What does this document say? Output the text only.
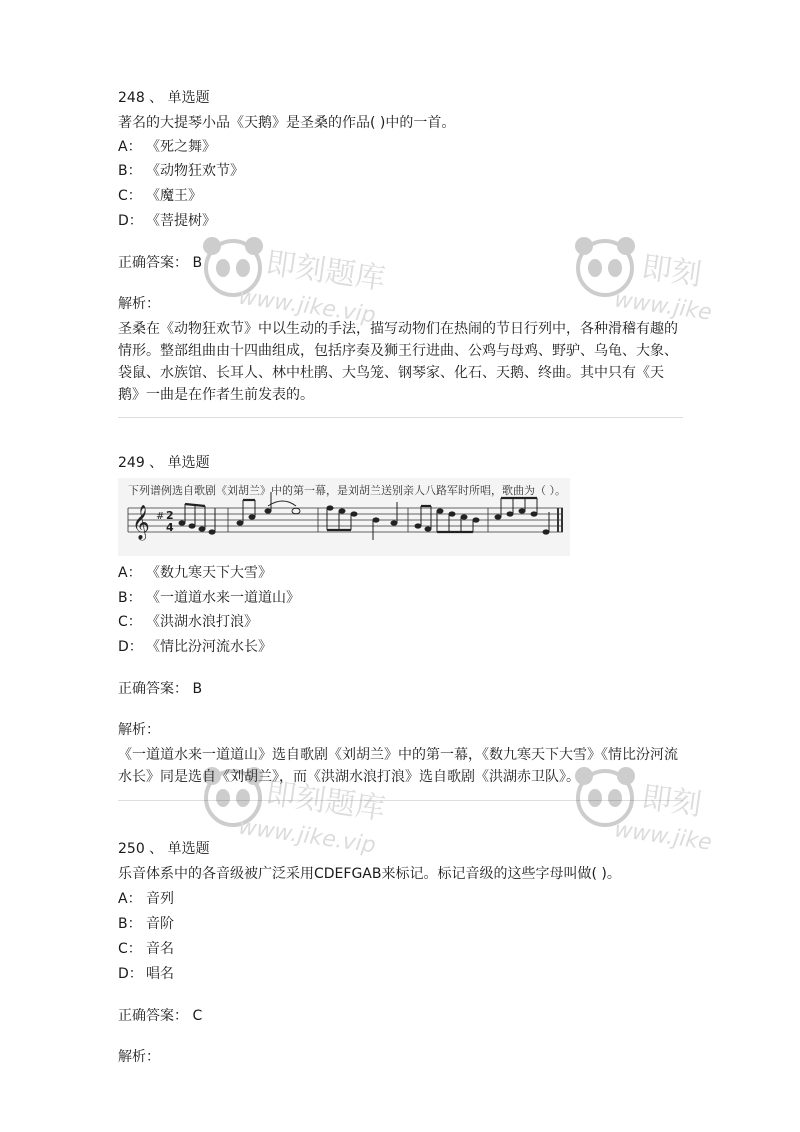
248 、 单选题
著名的大提琴小品《天鹅》是圣桑的作品( )中的一首。
A： 《死之舞》
B： 《动物狂欢节》
C： 《魔王》
D： 《菩提树》
正确答案： B
解析：
圣桑在《动物狂欢节》中以生动的手法，描写动物们在热闹的节日行列中，各种滑稽有趣的情形。整部组曲由十四曲组成，包括序奏及狮王行进曲、公鸡与母鸡、野驴、乌龟、大象、袋鼠、水族馆、长耳人、林中杜鹃、大鸟笼、钢琴家、化石、天鹅、终曲。其中只有《天鹅》一曲是在作者生前发表的。
249 、 单选题
下列谱例选自歌剧《刘胡兰》中的第一幕，是刘胡兰送别亲人八路军时所唱，歌曲为（ ）。
𝄞 # 2
4
A： 《数九寒天下大雪》
B： 《一道道水来一道道山》
C： 《洪湖水浪打浪》
D： 《情比汾河流水长》
正确答案： B
解析：
《一道道水来一道道山》选自歌剧《刘胡兰》中的第一幕，《数九寒天下大雪》《情比汾河流水长》同是选自《刘胡兰》，而《洪湖水浪打浪》选自歌剧《洪湖赤卫队》。
250 、 单选题
乐音体系中的各音级被广泛采用CDEFGAB来标记。标记音级的这些字母叫做( )。
A： 音列
B： 音阶
C： 音名
D： 唱名
正确答案： C
解析：
即刻题库
www.jike.vip
即刻
www.jike
即刻题库
www.jike.vip
即刻
www.jike
